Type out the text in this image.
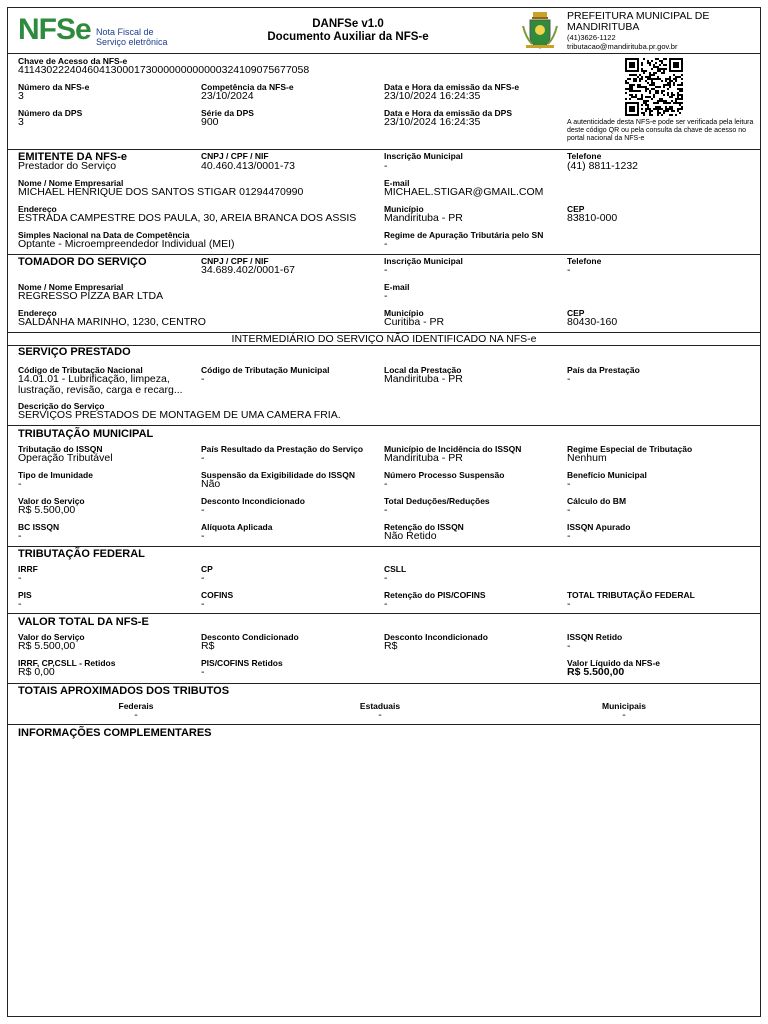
NFSe Nota Fiscal de
Serviço eletrônica
DANFSe v1.0
Documento Auxiliar da NFS-e
PREFEITURA MUNICIPAL DE
MANDIRITUBA
(41)3626-1122
tributacao@mandirituba.pr.gov.br
Chave de Acesso da NFS-e
41143022240460413000173000000000000324109075677058
Número da NFS-e
3
Competência da NFS-e
23/10/2024
Data e Hora da emissão da NFS-e
23/10/2024 16:24:35
Número da DPS
3
Série da DPS
900
Data e Hora da emissão da DPS
23/10/2024 16:24:35	A autenticidade desta NFS-e pode ser verificada pela leitura deste código QR ou pela consulta da chave de acesso no portal nacional da NFS-e
EMITENTE DA NFS-e
Prestador do Serviço
CNPJ / CPF / NIF
40.460.413/0001-73
Inscrição Municipal
-
Telefone
(41) 8811-1232
Nome / Nome Empresarial
MICHAEL HENRIQUE DOS SANTOS STIGAR 01294470990
E-mail
MICHAEL.STIGAR@GMAIL.COM
Endereço
ESTRADA CAMPESTRE DOS PAULA, 30, AREIA BRANCA DOS ASSIS
Município
Mandirituba - PR
CEP
83810-000
Simples Nacional na Data de Competência
Optante - Microempreendedor Individual (MEI)
Regime de Apuração Tributária pelo SN
-
TOMADOR DO SERVIÇO	CNPJ / CPF / NIF
34.689.402/0001-67
Inscrição Municipal
-
Telefone
-
Nome / Nome Empresarial
REGRESSO PIZZA BAR LTDA
E-mail
-
Endereço
SALDANHA MARINHO, 1230, CENTRO
Município
Curitiba - PR
CEP
80430-160
INTERMEDIÁRIO DO SERVIÇO NÃO IDENTIFICADO NA NFS-e
SERVIÇO PRESTADO
Código de Tributação Nacional
14.01.01 - Lubrificação, limpeza,
lustração, revisão, carga e recarg...
Código de Tributação Municipal
-
Local da Prestação
Mandirituba - PR
País da Prestação
-
Descrição do Serviço
SERVIÇOS PRESTADOS DE MONTAGEM DE UMA CAMERA FRIA.
TRIBUTAÇÃO MUNICIPAL
Tributação do ISSQN
Operação Tributável
País Resultado da Prestação do Serviço
-
Município de Incidência do ISSQN
Mandirituba - PR
Regime Especial de Tributação
Nenhum
Tipo de Imunidade
-
Suspensão da Exigibilidade do ISSQN
Não
Número Processo Suspensão
-
Benefício Municipal
-
Valor do Serviço
R$ 5.500,00
Desconto Incondicionado
-
Total Deduções/Reduções
-
Cálculo do BM
-
BC ISSQN
-
Alíquota Aplicada
-
Retenção do ISSQN
Não Retido
ISSQN Apurado
-
TRIBUTAÇÃO FEDERAL
IRRF
-
CP
-
CSLL
-
PIS
-
COFINS
-
Retenção do PIS/COFINS
-
TOTAL TRIBUTAÇÃO FEDERAL
-
VALOR TOTAL DA NFS-E
Valor do Serviço
R$ 5.500,00
Desconto Condicionado
R$
Desconto Incondicionado
R$
ISSQN Retido
-
IRRF, CP,CSLL - Retidos
R$ 0,00
PIS/COFINS Retidos
-
Valor Líquido da NFS-e
R$ 5.500,00
TOTAIS APROXIMADOS DOS TRIBUTOS
Federais
-
Estaduais
-
Municipais
-
INFORMAÇÕES COMPLEMENTARES
